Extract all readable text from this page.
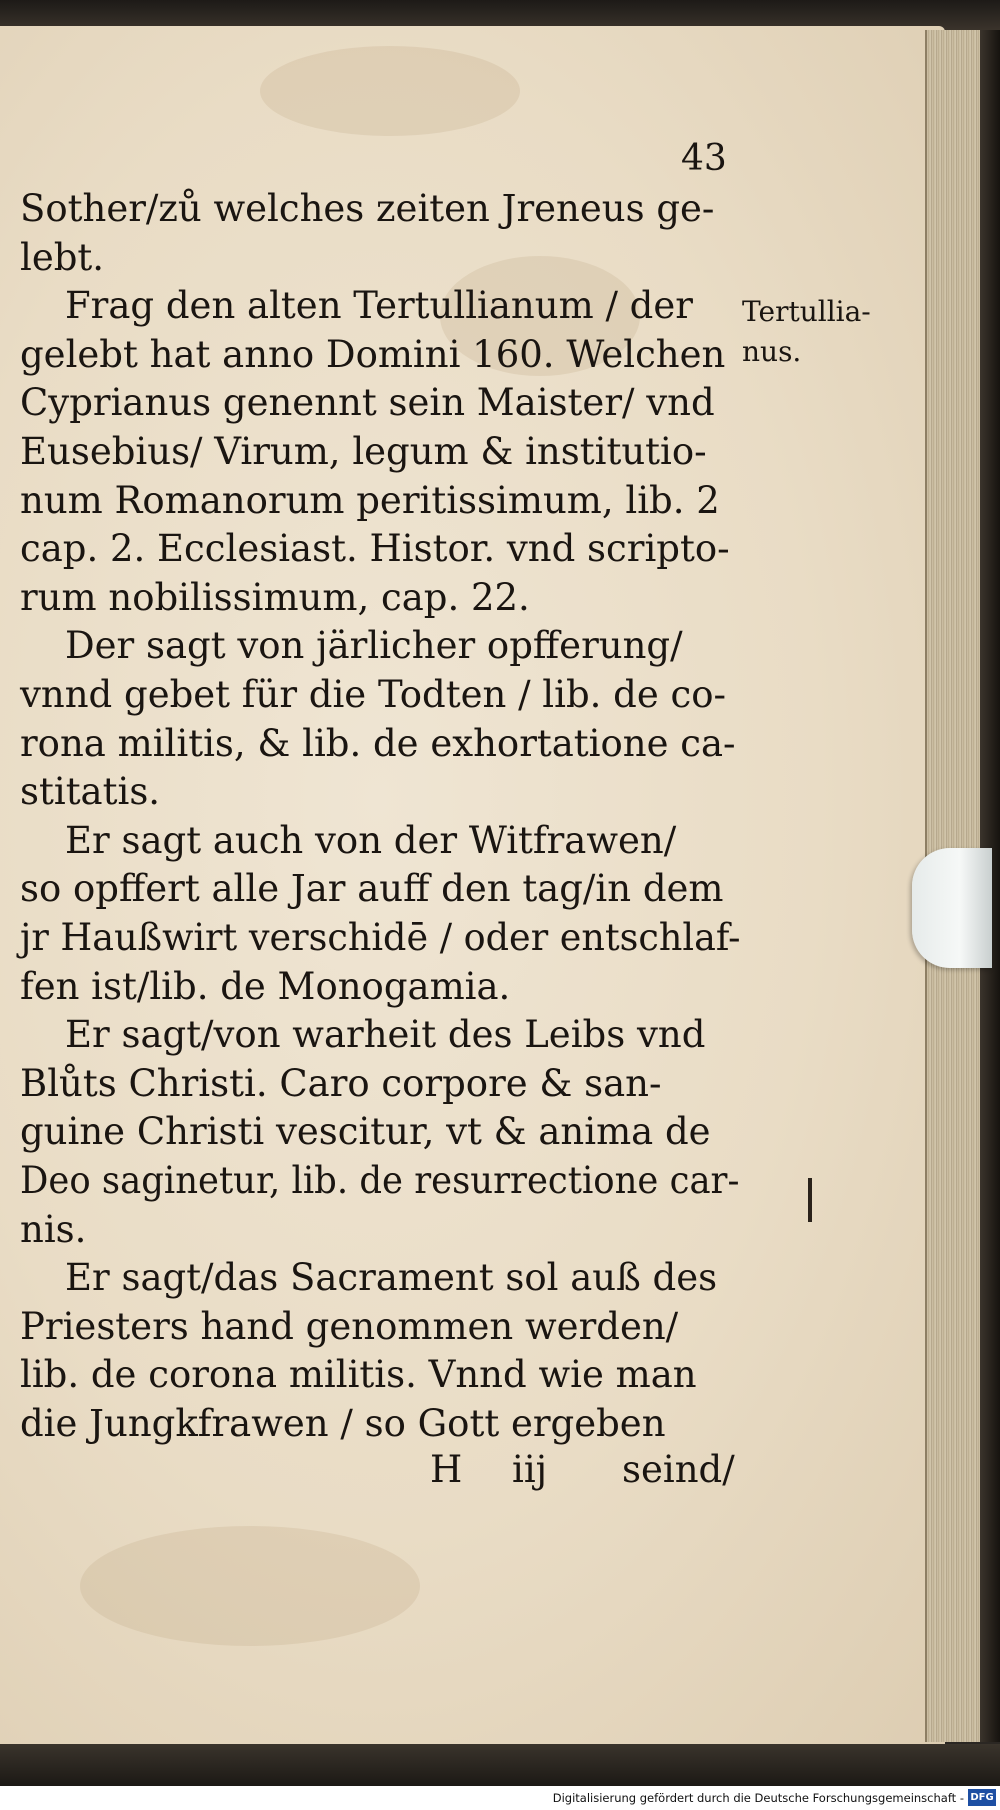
43
Sother/zů welches zeiten Jreneus ge-
lebt.
Frag den alten Tertullianum / der
gelebt hat anno Domini 160. Welchen
Cyprianus genennt sein Maister/ vnd
Eusebius/ Virum, legum & institutio-
num Romanorum peritissimum, lib. 2
cap. 2. Ecclesiast. Histor. vnd scripto-
rum nobilissimum, cap. 22.
Der sagt von järlicher opfferung/
vnnd gebet für die Todten / lib. de co-
rona militis, & lib. de exhortatione ca-
stitatis.
Er sagt auch von der Witfrawen/
so opffert alle Jar auff den tag/in dem
jr Haußwirt verschidē / oder entschlaf-
fen ist/lib. de Monogamia.
Er sagt/von warheit des Leibs vnd
Blůts Christi. Caro corpore & san-
guine Christi vescitur, vt & anima de
Deo saginetur, lib. de resurrectione car-
nis.
Er sagt/das Sacrament sol auß des
Priesters hand genommen werden/
lib. de corona militis. Vnnd wie man
die Jungkfrawen / so Gott ergeben
Tertullia-
nus.
H iij seind/
Digitalisierung gefördert durch die Deutsche Forschungsgemeinschaft - DFG
